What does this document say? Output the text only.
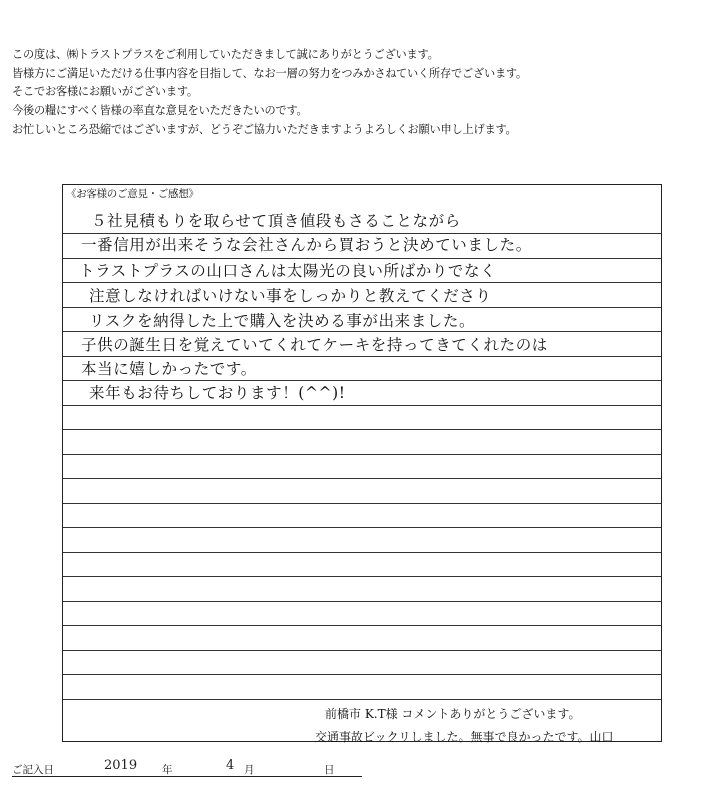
この度は、㈱トラストプラスをご利用していただきまして誠にありがとうございます。
皆様方にご満足いただける仕事内容を目指して、なお一層の努力をつみかさねていく所存でございます。
そこでお客様にお願いがございます。
今後の糧にすべく皆様の率直な意見をいただきたいのです。
お忙しいところ恐縮ではございますが、どうぞご協力いただきますようよろしくお願い申し上げます。
《お客様のご意見・ご感想》
５社見積もりを取らせて頂き値段もさることながら
一番信用が出来そうな会社さんから買おうと決めていました。
トラストプラスの山口さんは太陽光の良い所ばかりでなく
注意しなければいけない事をしっかりと教えてくださり
リスクを納得した上で購入を決める事が出来ました。
子供の誕生日を覚えていてくれてケーキを持ってきてくれたのは
本当に嬉しかったです。
来年もお待ちしております！(^^)!
前橋市 K.T様 コメントありがとうございます。
交通事故ビックリしました。無事で良かったです。山口
ご記入日	2019 年	4 月	日
